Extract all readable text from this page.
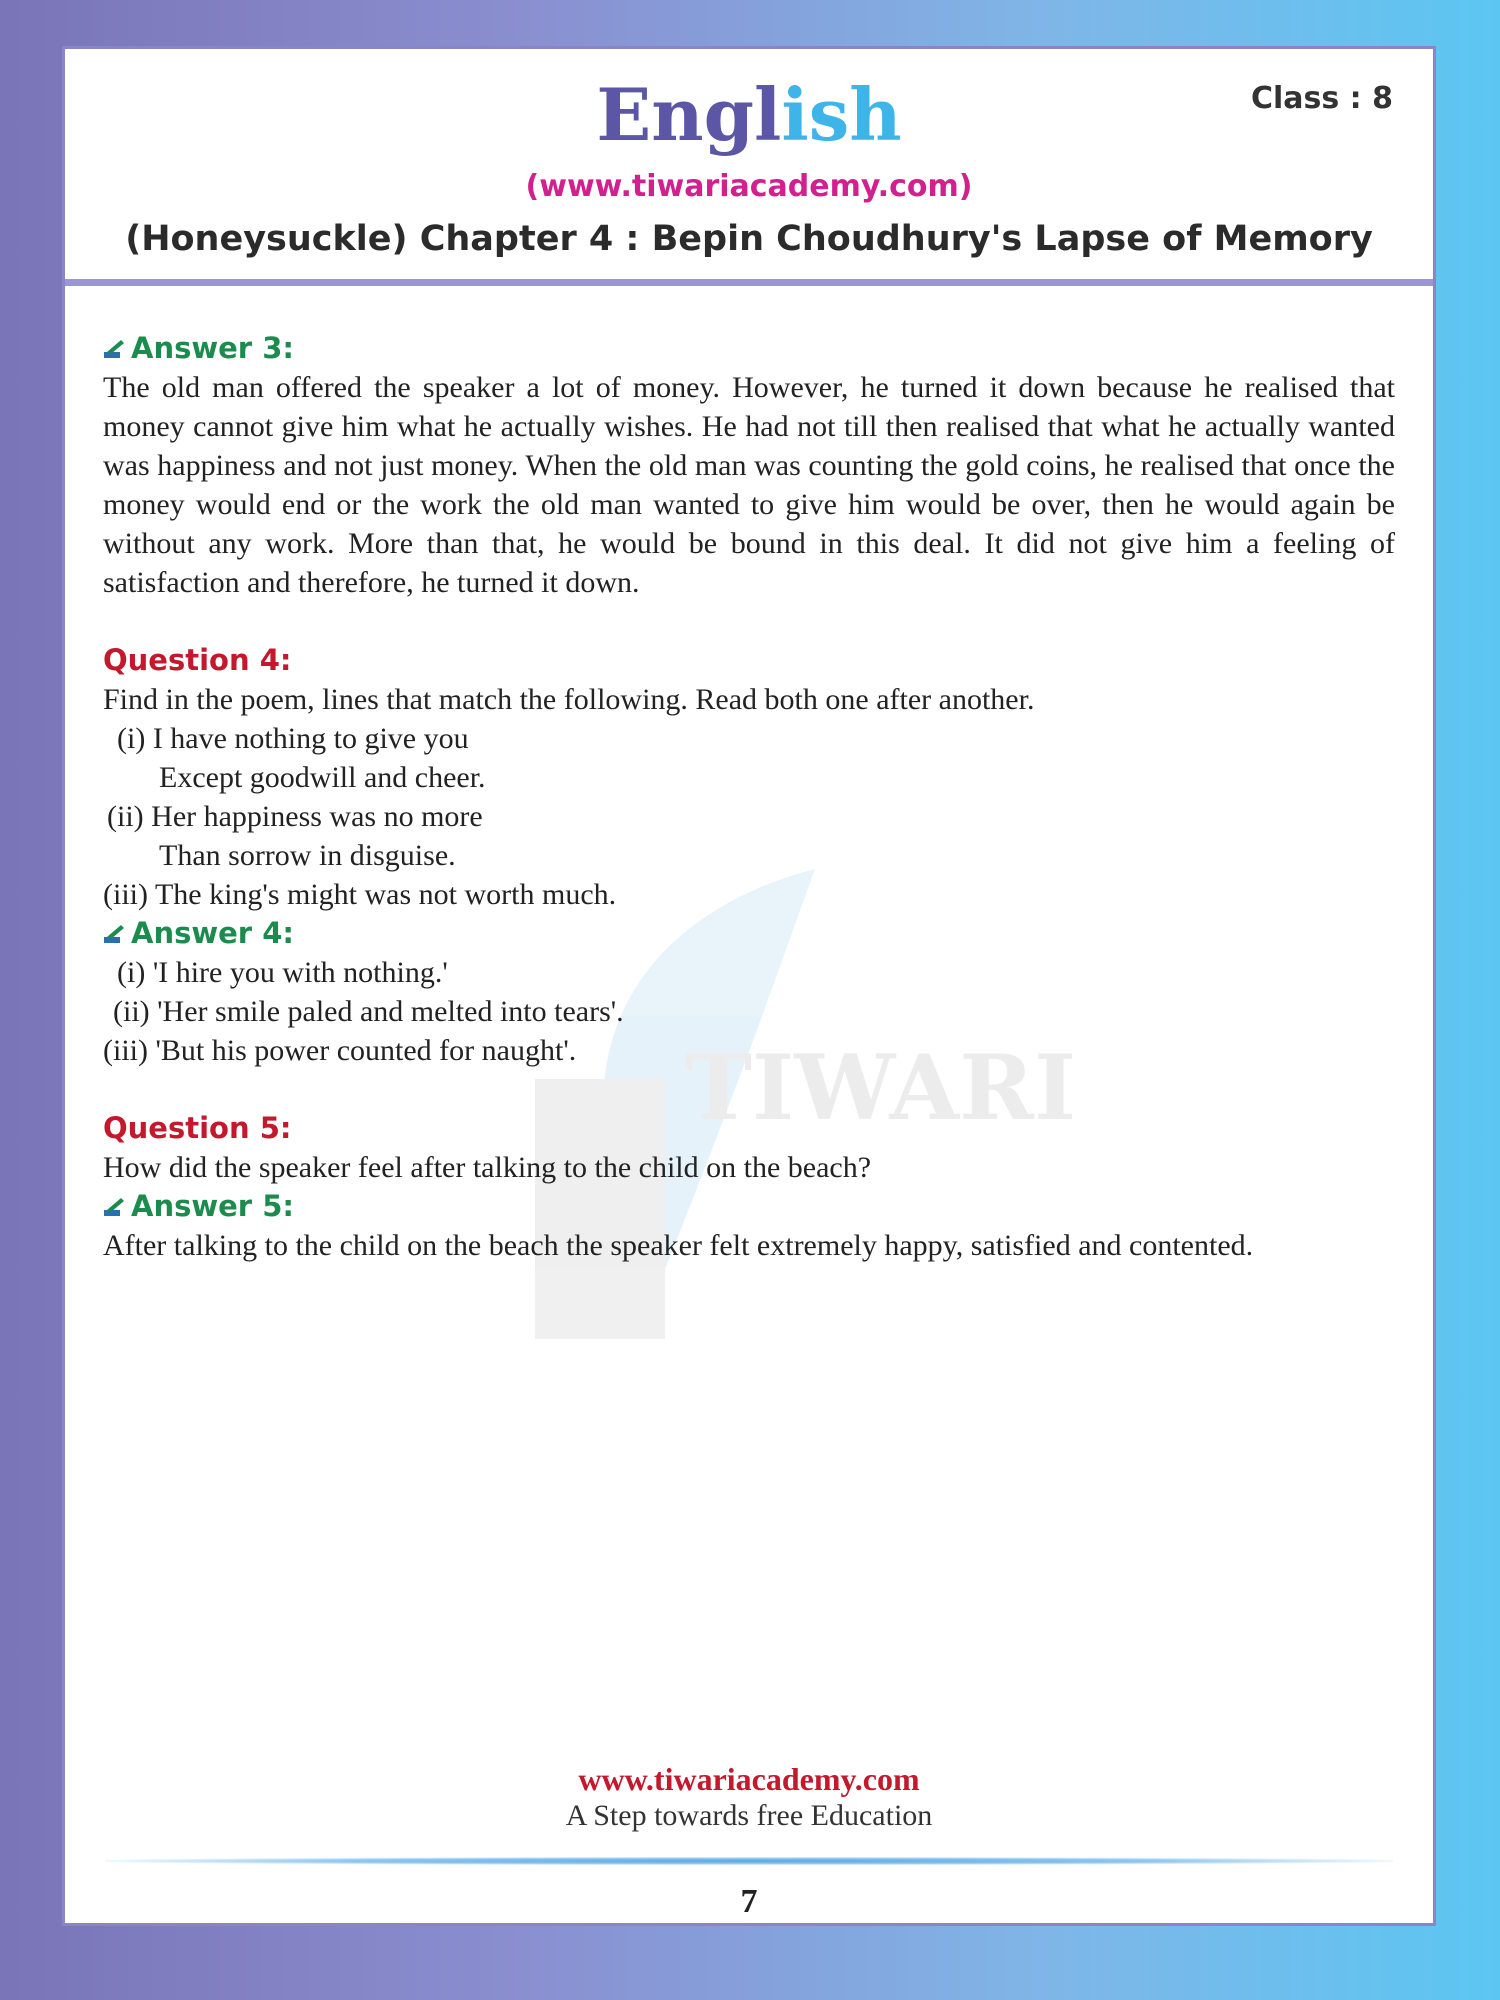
TIWARI
English	Class : 8
(www.tiwariacademy.com)
(Honeysuckle) Chapter 4 : Bepin Choudhury's Lapse of Memory
Answer 3:
The old man offered the speaker a lot of money. However, he turned it down because he realised that money cannot give him what he actually wishes. He had not till then realised that what he actually wanted was happiness and not just money. When the old man was counting the gold coins, he realised that once the money would end or the work the old man wanted to give him would be over, then he would again be without any work. More than that, he would be bound in this deal. It did not give him a feeling of satisfaction and therefore, he turned it down.
Question 4:
Find in the poem, lines that match the following. Read both one after another.
(i) I have nothing to give you
Except goodwill and cheer.
(ii) Her happiness was no more
Than sorrow in disguise.
(iii) The king's might was not worth much.
Answer 4:
(i) 'I hire you with nothing.'
(ii) 'Her smile paled and melted into tears'.
(iii) 'But his power counted for naught'.
Question 5:
How did the speaker feel after talking to the child on the beach?
Answer 5:
After talking to the child on the beach the speaker felt extremely happy, satisfied and contented.
www.tiwariacademy.com
A Step towards free Education
7
